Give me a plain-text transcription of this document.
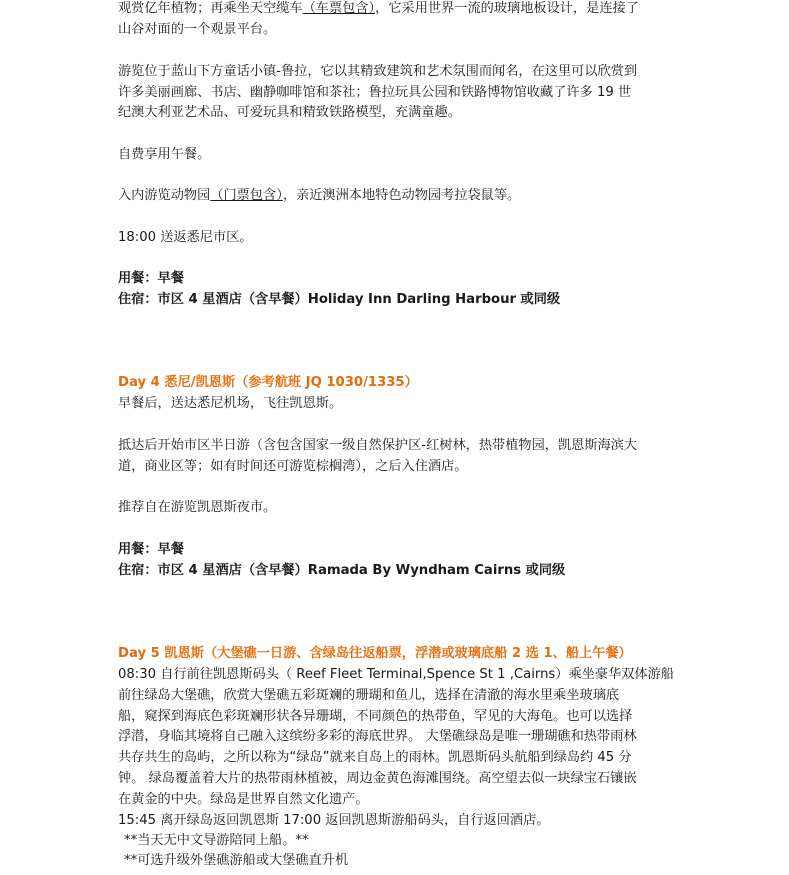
观赏亿年植物；再乘坐天空缆车（车票包含），它采用世界一流的玻璃地板设计，是连接了
山谷对面的一个观景平台。
游览位于蓝山下方童话小镇-鲁拉，它以其精致建筑和艺术氛围而闻名，在这里可以欣赏到
许多美丽画廊、书店、幽静咖啡馆和茶社；鲁拉玩具公园和铁路博物馆收藏了许多 19 世
纪澳大利亚艺术品、可爱玩具和精致铁路模型，充满童趣。
自费享用午餐。
入内游览动物园（门票包含），亲近澳洲本地特色动物园考拉袋鼠等。
18:00 送返悉尼市区。
用餐：早餐
住宿：市区 4 星酒店（含早餐）Holiday Inn Darling Harbour 或同级
Day 4 悉尼/凯恩斯（参考航班 JQ 1030/1335）
早餐后，送达悉尼机场，飞往凯恩斯。
抵达后开始市区半日游（含包含国家一级自然保护区-红树林，热带植物园，凯恩斯海滨大
道，商业区等；如有时间还可游览棕榈湾），之后入住酒店。
推荐自在游览凯恩斯夜市。
用餐：早餐
住宿：市区 4 星酒店（含早餐）Ramada By Wyndham Cairns 或同级
Day 5 凯恩斯（大堡礁一日游、含绿岛往返船票，浮潜或玻璃底船 2 选 1、船上午餐）
08:30 自行前往凯恩斯码头（ Reef Fleet Terminal,Spence St 1 ,Cairns）乘坐豪华双体游船
前往绿岛大堡礁，欣赏大堡礁五彩斑斓的珊瑚和鱼儿，选择在清澈的海水里乘坐玻璃底
船，窥探到海底色彩斑斓形状各异珊瑚，不同颜色的热带鱼，罕见的大海龟。也可以选择
浮潜，身临其境将自己融入这缤纷多彩的海底世界。 大堡礁绿岛是唯一珊瑚礁和热带雨林
共存共生的岛屿，之所以称为“绿岛”就来自岛上的雨林。凯恩斯码头航船到绿岛约 45 分
钟。 绿岛覆盖着大片的热带雨林植被，周边金黄色海滩围绕。高空望去似一块绿宝石镶嵌
在黄金的中央。绿岛是世界自然文化遗产。
15:45 离开绿岛返回凯恩斯 17:00 返回凯恩斯游船码头，自行返回酒店。
**当天无中文导游陪同上船。**
**可选升级外堡礁游船或大堡礁直升机
